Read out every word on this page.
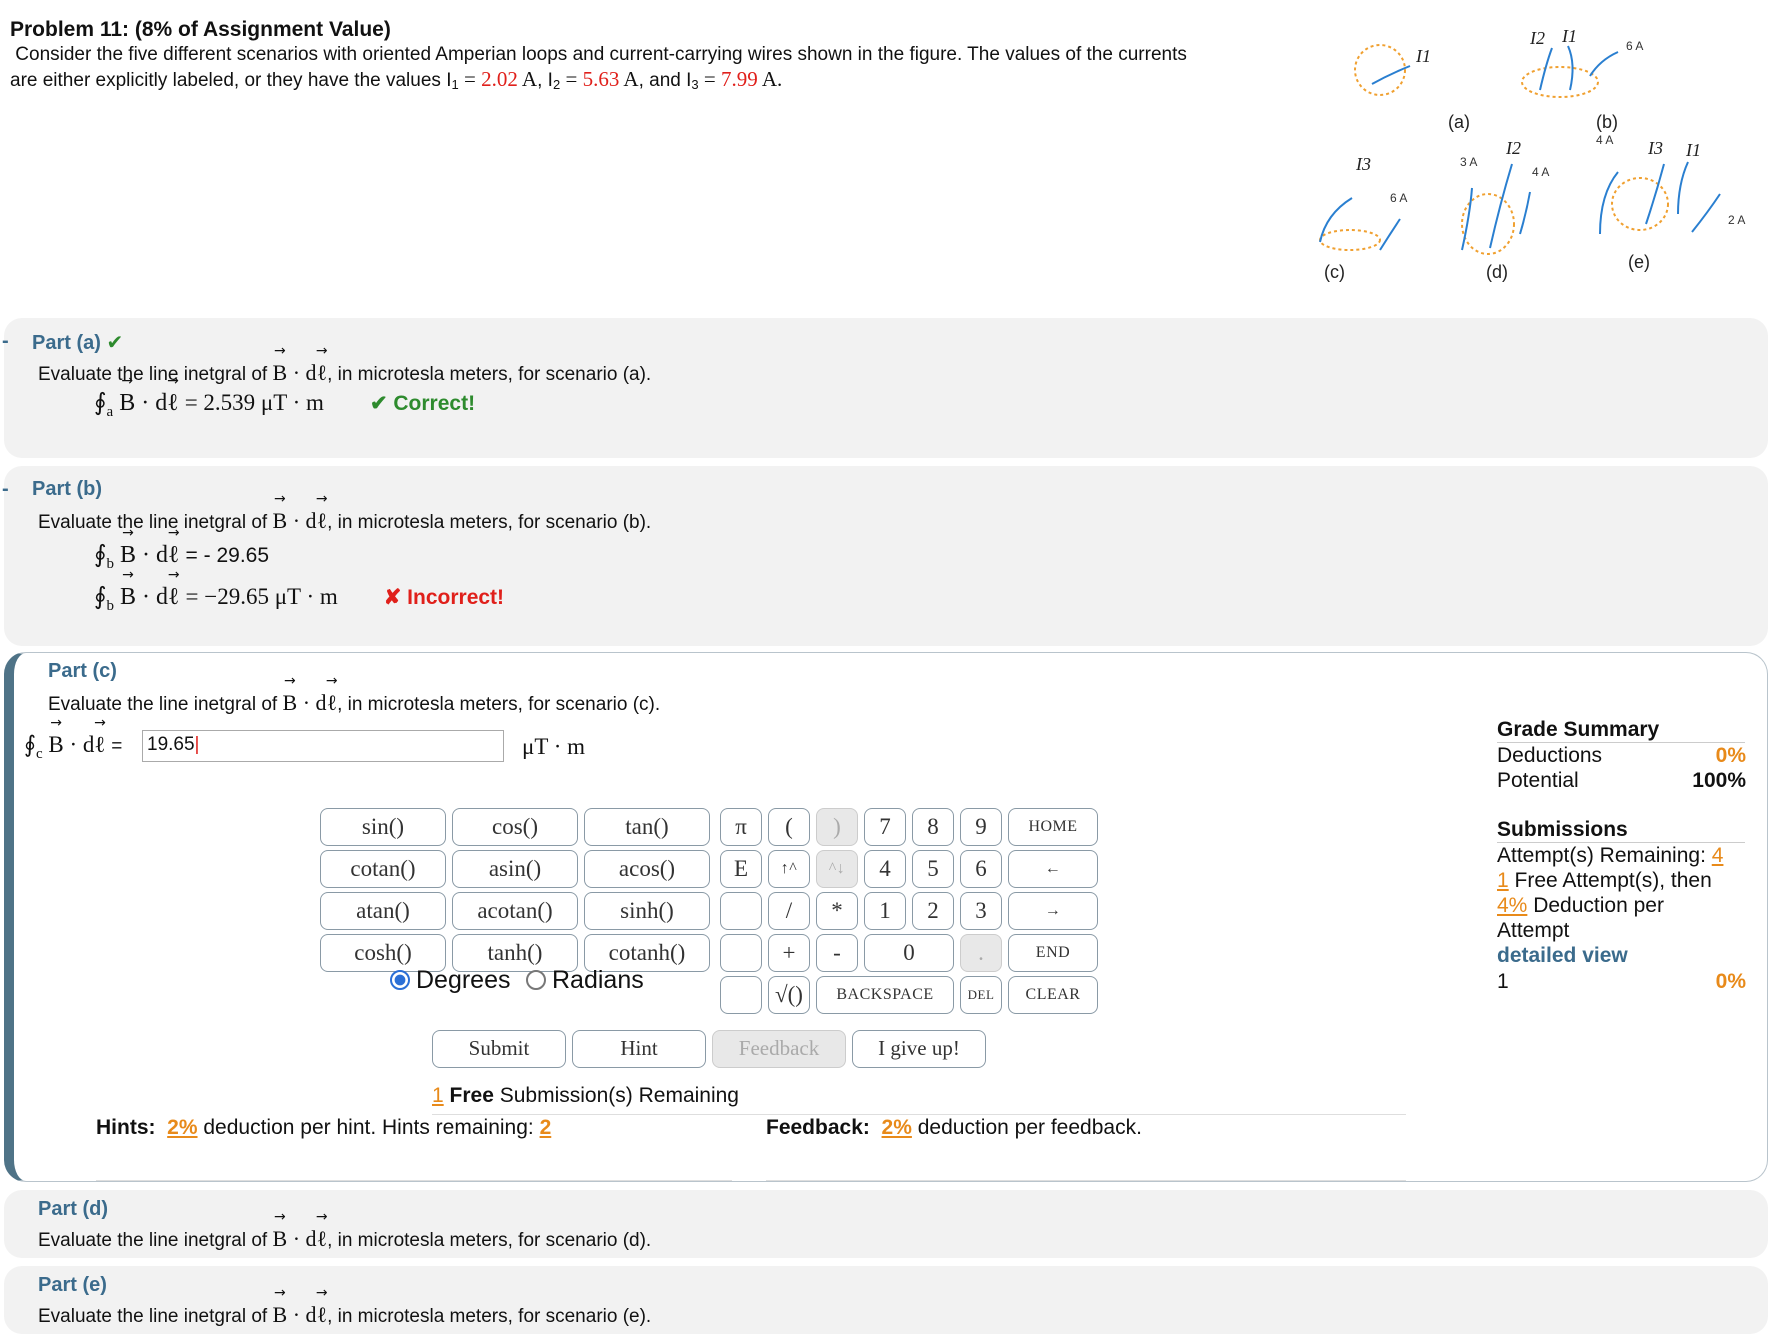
Problem 11: (8% of Assignment Value)
Consider the five different scenarios with oriented Amperian loops and current-carrying wires shown in the figure. The values of the currents
are either explicitly labeled, or they have the values $I_1 = 2.02$ A, $I_2 = 5.63$ A, and $I_3 = 7.99$ A.
(a)	(b)
(c)	(d)	(e)
6 A
4 A
3 A
4 A
6 A
2 A
I1
I2 I1
I3
I2	I3 I1
- Part (a) ✔
Evaluate the line inetgral of → B · d→ ℓ, in microtesla meters, for scenario (a).
$∮_a \to B \cdot d\to$ ℓ = 2.539 μT · m ✔ Correct!
- Part (b)
Evaluate the line inetgral of → B · d→ ℓ, in microtesla meters, for scenario (b).
$∮_b \to B \cdot d\to$ ℓ = - 29.65
$∮_b \to B \cdot d\to$ ℓ = −29.65 μT · m ✘ Incorrect!
Part (c)
Evaluate the line inetgral of → B · d→ ℓ, in microtesla meters, for scenario (c).
$∮_c \to B \cdot d\to$ ℓ = 19.65|	μT · m
sin()	cos()	tan()
cotan()	asin()	acos()
atan()	acotan()	sinh()
cosh()	tanh()	cotanh()
π	(	)	7	8	9	HOME
E	↑^	^↓	4	5	6	←
/	*	1	2	3	→
+	-	0	.	END
√()	BACKSPACE	DEL	CLEAR
Degrees	Radians
Submit	Hint	Feedback	I give up!
1 Free Submission(s) Remaining
Hints: 2% deduction per hint. Hints remaining: 2	Feedback: 2% deduction per feedback.
Grade Summary
Deductions	0%
Potential	100%
Submissions
Attempt(s) Remaining: 4
1 Free Attempt(s), then
4% Deduction per
Attempt
detailed view
1	0%
Part (d)
Evaluate the line inetgral of → B · d→ ℓ, in microtesla meters, for scenario (d).
Part (e)
Evaluate the line inetgral of → B · d→ ℓ, in microtesla meters, for scenario (e).
